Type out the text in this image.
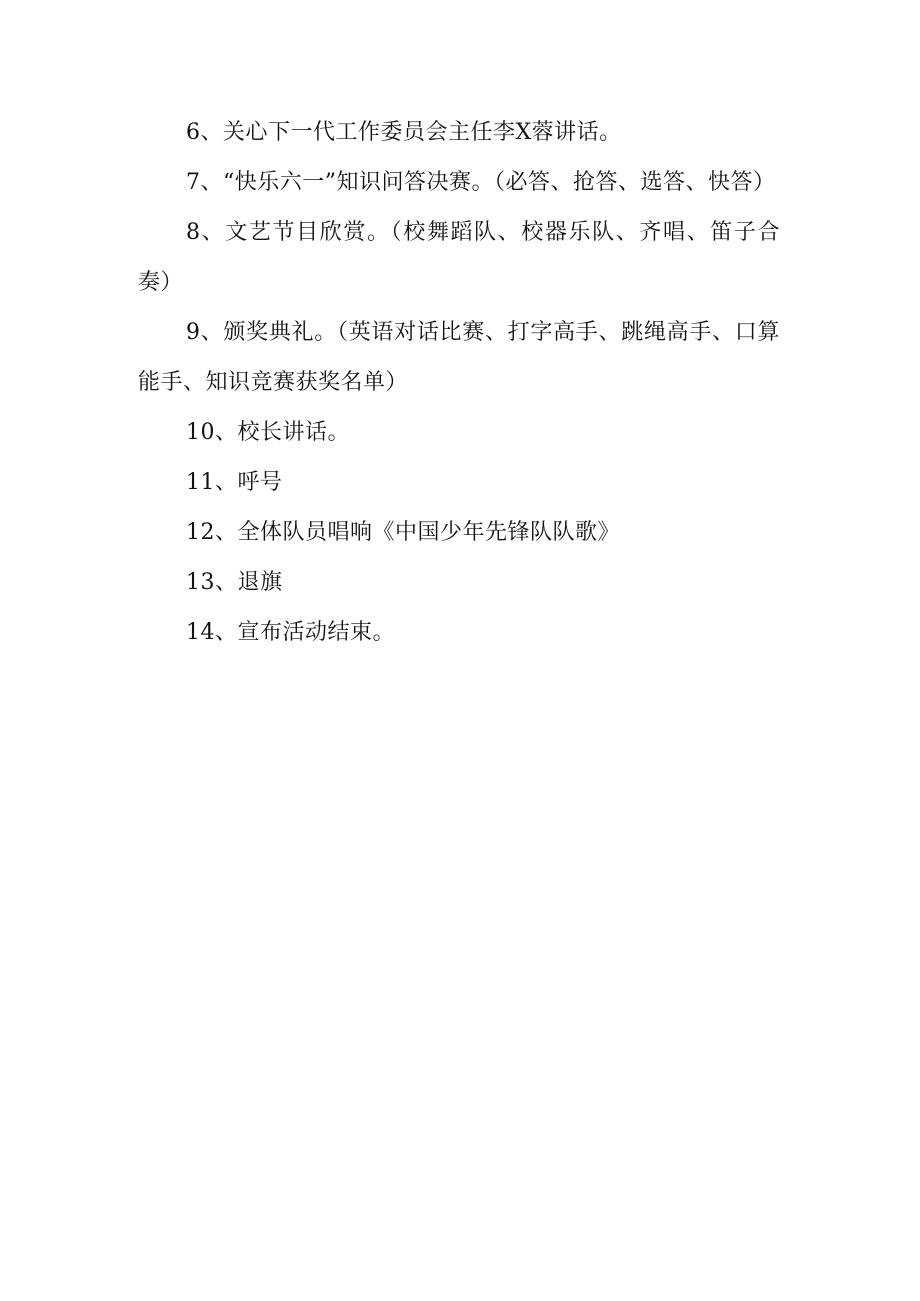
6、关心下一代工作委员会主任李X蓉讲话。

7、“快乐六一”知识问答决赛。（必答、抢答、选答、快答）

8、文艺节目欣赏。（校舞蹈队、校器乐队、齐唱、笛子合奏）

9、颁奖典礼。（英语对话比赛、打字高手、跳绳高手、口算能手、知识竞赛获奖名单）

10、校长讲话。

11、呼号

12、全体队员唱响《中国少年先锋队队歌》

13、退旗

14、宣布活动结束。
